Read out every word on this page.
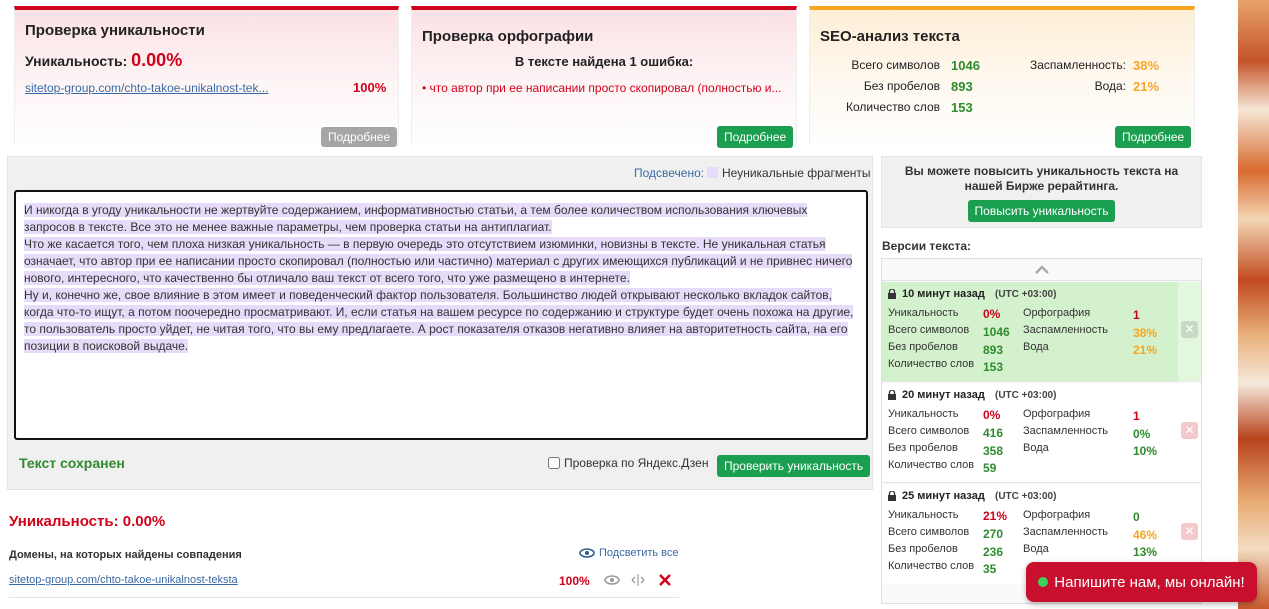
Проверка уникальности
Уникальность: 0.00%
sitetop-group.com/chto-takoe-unikalnost-tek...	100%
Подробнее
Проверка орфографии
В тексте найдена 1 ошибка:
• что автор при ее написании просто скопировал (полностью и...
Подробнее
SEO-анализ текста
Всего символов 1046
Без пробелов 893
Количество слов 153
Заспамленность: 38%
Вода: 21%
Подробнее
Подсвечено: Неуникальные фрагменты

И никогда в угоду уникальности не жертвуйте содержанием, информативностью статьи, а тем более количеством использования ключевых запросов в тексте. Все это не менее важные параметры, чем проверка статьи на антиплагиат.

Что же касается того, чем плоха низкая уникальность — в первую очередь это отсутствием изюминки, новизны в тексте. Не уникальная статья означает, что автор при ее написании просто скопировал (полностью или частично) материал с других имеющихся публикаций и не привнес ничего нового, интересного, что качественно бы отличало ваш текст от всего того, что уже размещено в интернете.

Ну и, конечно же, свое влияние в этом имеет и поведенческий фактор пользователя. Большинство людей открывают несколько вкладок сайтов, когда что-то ищут, а потом поочередно просматривают. И, если статья на вашем ресурсе по содержанию и структуре будет очень похожа на другие, то пользователь просто уйдет, не читая того, что вы ему предлагаете. А рост показателя отказов негативно влияет на авторитетность сайта, на его позиции в поисковой выдаче.

Текст сохранен	Проверка по Яндекс.Дзен	Проверить уникальность
Уникальность: 0.00%
Домены, на которых найдены совпадения	Подсветить все
sitetop-group.com/chto-takoe-unikalnost-teksta	100%
Вы можете повысить уникальность текста на нашей Бирже рерайтинга.
Повысить уникальность
Версии текста:
10 минут назад (UTC +03:00)
Уникальность 0%
Всего символов 1046
Без пробелов 893
Количество слов 153
Орфография	1
Заспамленность 38%
Вода	21%
✕
20 минут назад (UTC +03:00)
Уникальность 0%
Всего символов 416
Без пробелов 358
Количество слов 59
Орфография	1
Заспамленность 0%
Вода	10%
✕
25 минут назад (UTC +03:00)
Уникальность 21%
Всего символов 270
Без пробелов 236
Количество слов 35
Орфография	0
Заспамленность 46%
Вода	13%
✕
Напишите нам, мы онлайн!
